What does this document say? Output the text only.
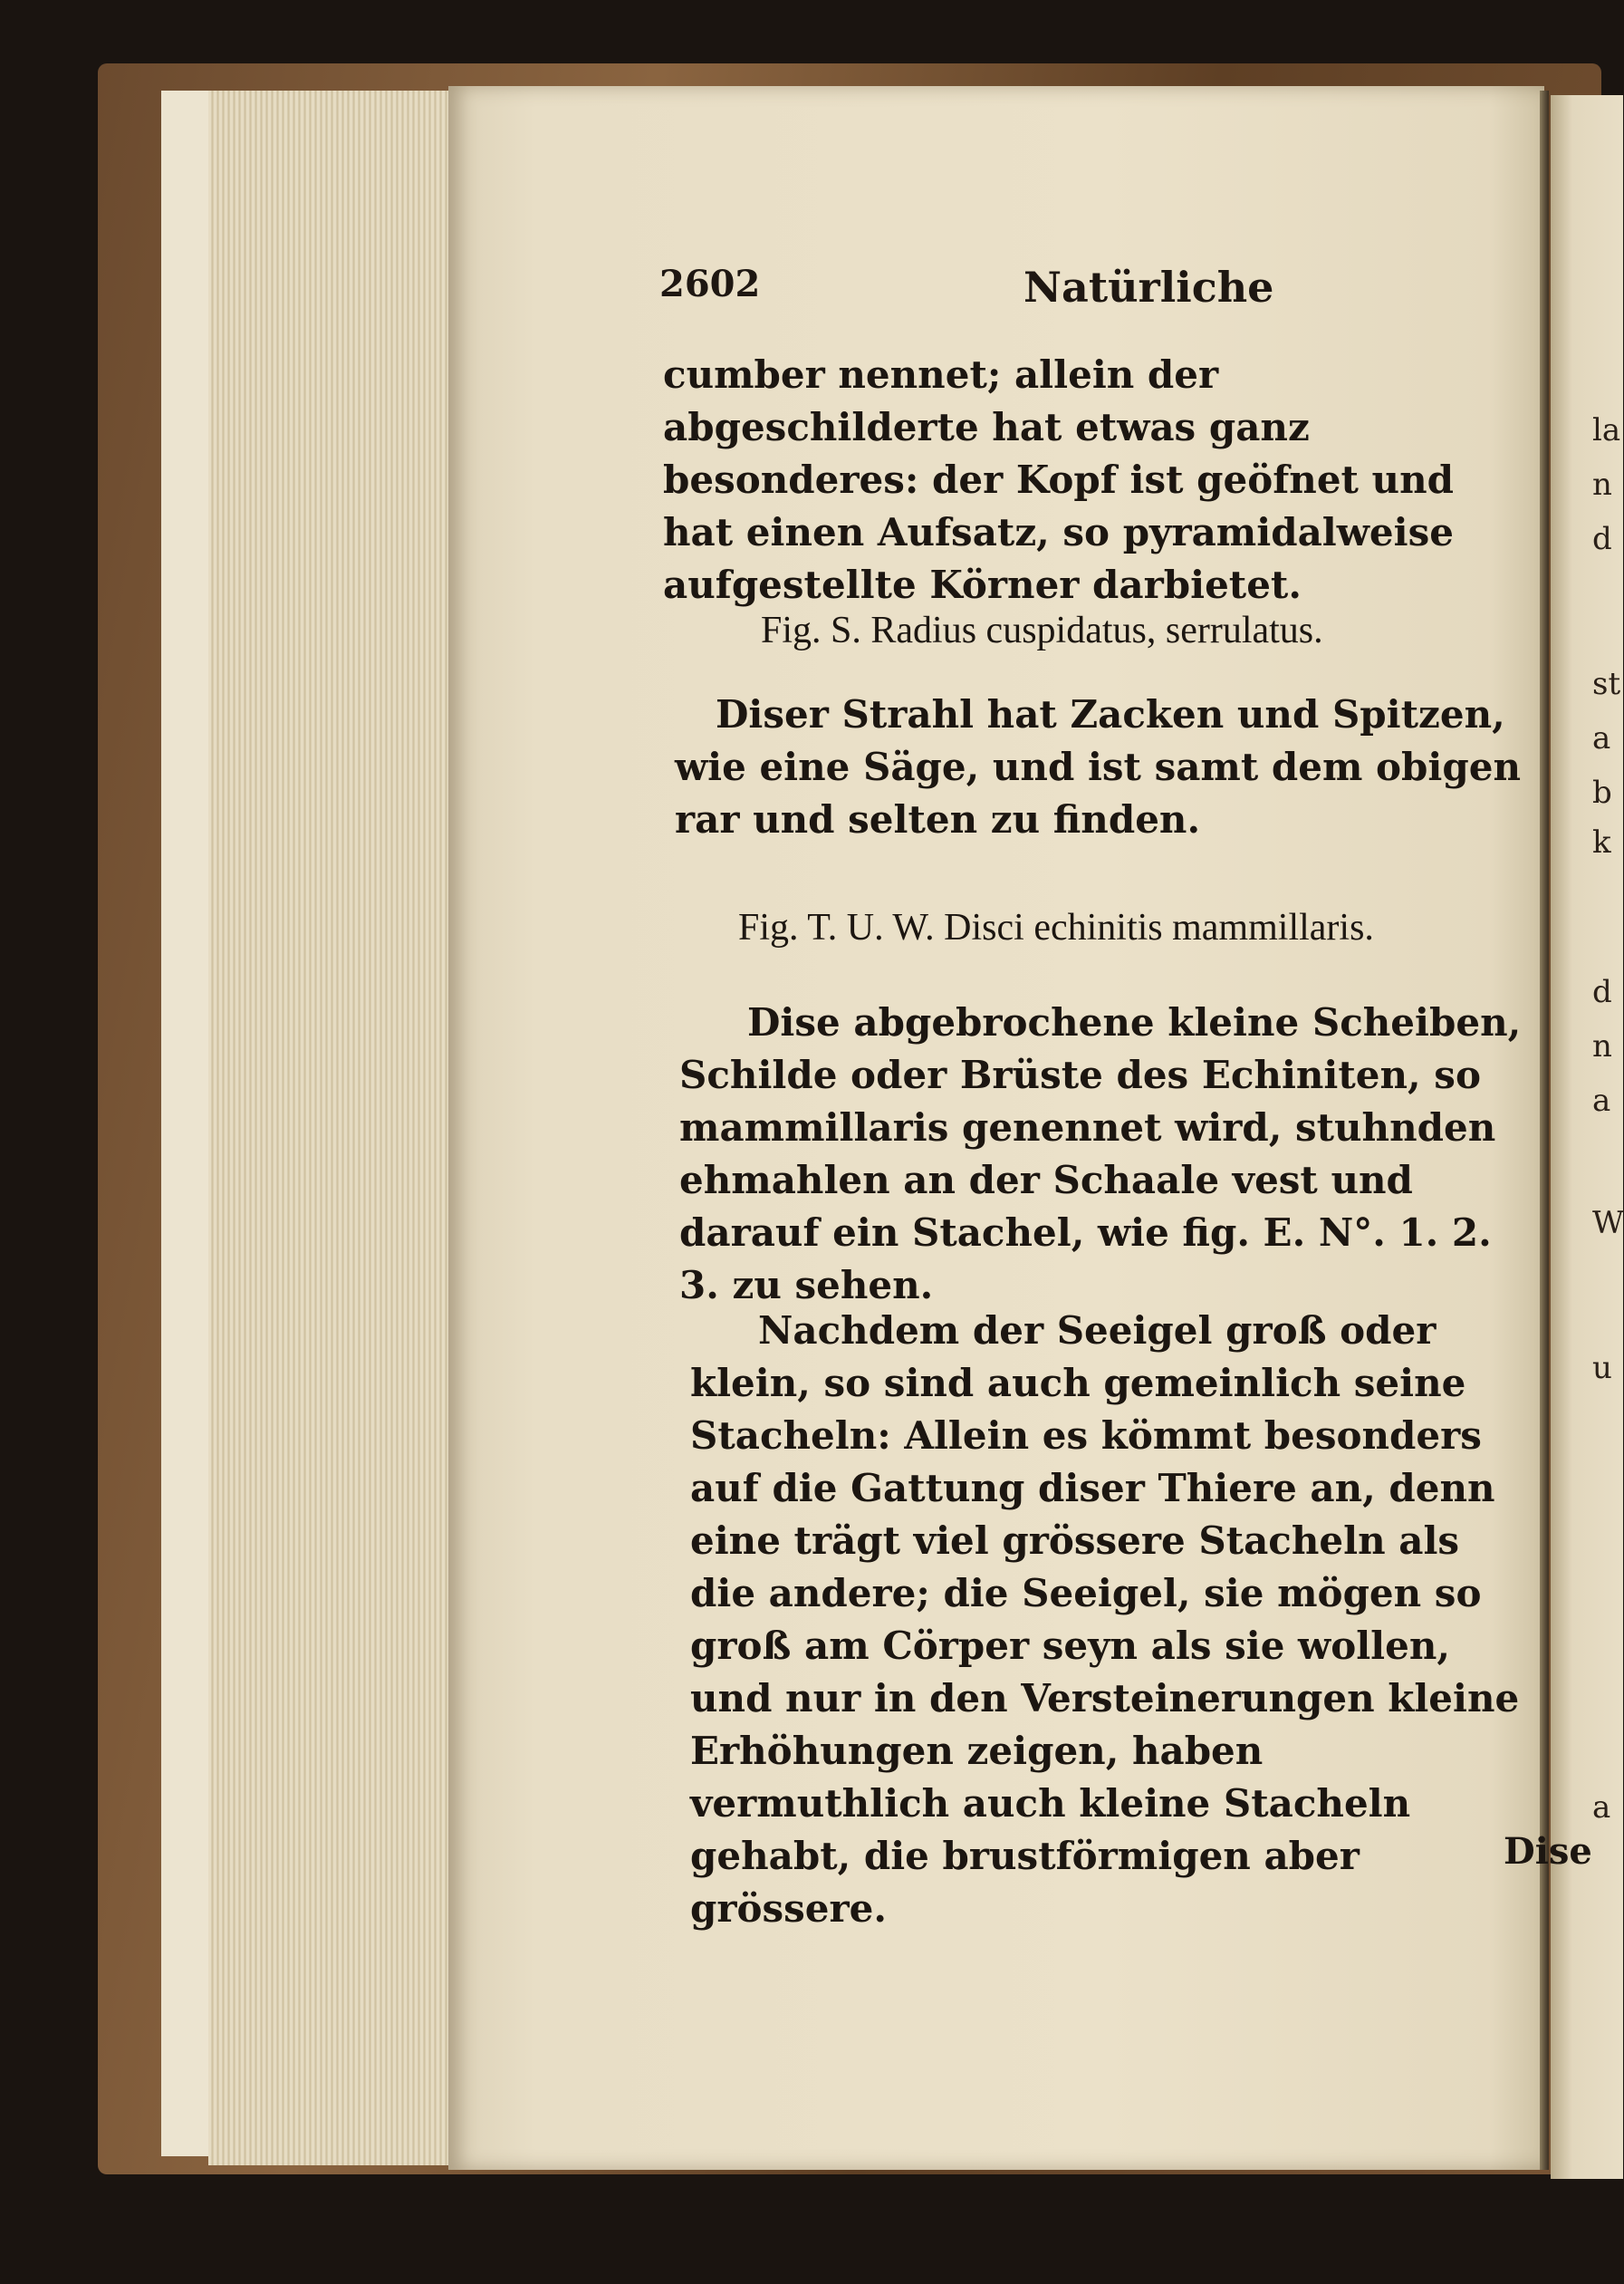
la
n
d
st
a
b
k
d
n
a
W
u
a
2602	Natürliche
cumber nennet; allein der abgeschilderte hat etwas ganz besonderes: der Kopf ist geöfnet und hat einen Aufsatz, so pyramidalweise aufgestellte Körner darbietet.
Fig. S. Radius cuspidatus, serrulatus.
Diser Strahl hat Zacken und Spitzen, wie eine Säge, und ist samt dem obigen rar und selten zu finden.
Fig. T. U. W. Disci echinitis mammillaris.
Dise abgebrochene kleine Scheiben, Schilde oder Brüste des Echiniten, so mammillaris genennet wird, stuhnden ehmahlen an der Schaale vest und darauf ein Stachel, wie fig. E. N°. 1. 2. 3. zu sehen.
Nachdem der Seeigel groß oder klein, so sind auch gemeinlich seine Stacheln: Allein es kömmt besonders auf die Gattung diser Thiere an, denn eine trägt viel grössere Stacheln als die andere; die Seeigel, sie mögen so groß am Cörper seyn als sie wollen, und nur in den Versteinerungen kleine Erhöhungen zeigen, haben vermuthlich auch kleine Stacheln gehabt, die brustförmigen aber grössere.
Dise
